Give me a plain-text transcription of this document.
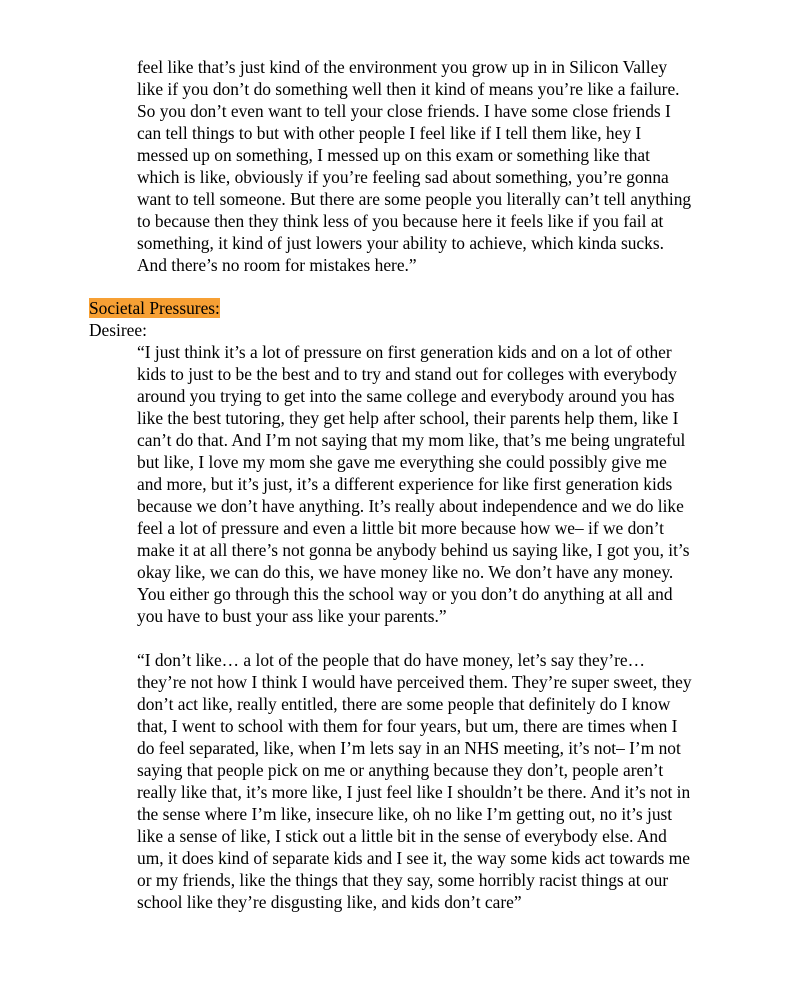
feel like that’s just kind of the environment you grow up in in Silicon Valley
like if you don’t do something well then it kind of means you’re like a failure.
So you don’t even want to tell your close friends. I have some close friends I
can tell things to but with other people I feel like if I tell them like, hey I
messed up on something, I messed up on this exam or something like that
which is like, obviously if you’re feeling sad about something, you’re gonna
want to tell someone. But there are some people you literally can’t tell anything
to because then they think less of you because here it feels like if you fail at
something, it kind of just lowers your ability to achieve, which kinda sucks.
And there’s no room for mistakes here.”
Societal Pressures:
Desiree:
“I just think it’s a lot of pressure on first generation kids and on a lot of other
kids to just to be the best and to try and stand out for colleges with everybody
around you trying to get into the same college and everybody around you has
like the best tutoring, they get help after school, their parents help them, like I
can’t do that. And I’m not saying that my mom like, that’s me being ungrateful
but like, I love my mom she gave me everything she could possibly give me
and more, but it’s just, it’s a different experience for like first generation kids
because we don’t have anything. It’s really about independence and we do like
feel a lot of pressure and even a little bit more because how we– if we don’t
make it at all there’s not gonna be anybody behind us saying like, I got you, it’s
okay like, we can do this, we have money like no. We don’t have any money.
You either go through this the school way or you don’t do anything at all and
you have to bust your ass like your parents.”
“I don’t like… a lot of the people that do have money, let’s say they’re…
they’re not how I think I would have perceived them. They’re super sweet, they
don’t act like, really entitled, there are some people that definitely do I know
that, I went to school with them for four years, but um, there are times when I
do feel separated, like, when I’m lets say in an NHS meeting, it’s not– I’m not
saying that people pick on me or anything because they don’t, people aren’t
really like that, it’s more like, I just feel like I shouldn’t be there. And it’s not in
the sense where I’m like, insecure like, oh no like I’m getting out, no it’s just
like a sense of like, I stick out a little bit in the sense of everybody else. And
um, it does kind of separate kids and I see it, the way some kids act towards me
or my friends, like the things that they say, some horribly racist things at our
school like they’re disgusting like, and kids don’t care”
